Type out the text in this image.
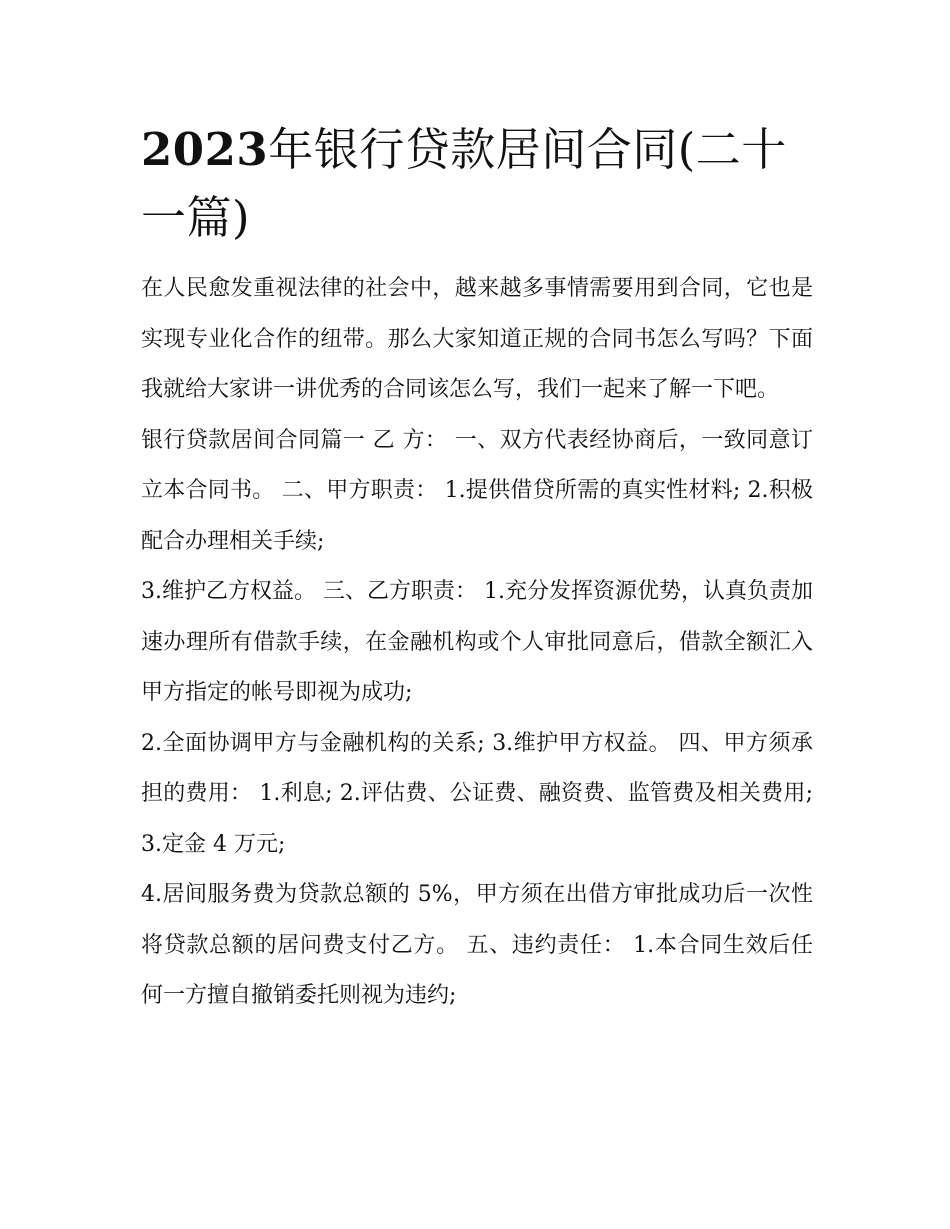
2023年银行贷款居间合同(二十一篇)

在人民愈发重视法律的社会中，越来越多事情需要用到合同，它也是实现专业化合作的纽带。那么大家知道正规的合同书怎么写吗？下面我就给大家讲一讲优秀的合同该怎么写，我们一起来了解一下吧。

银行贷款居间合同篇一 乙 方： 一、双方代表经协商后，一致同意订立本合同书。 二、甲方职责： 1.提供借贷所需的真实性材料; 2.积极配合办理相关手续;

3.维护乙方权益。 三、乙方职责： 1.充分发挥资源优势，认真负责加速办理所有借款手续，在金融机构或个人审批同意后，借款全额汇入甲方指定的帐号即视为成功;

2.全面协调甲方与金融机构的关系; 3.维护甲方权益。 四、甲方须承担的费用： 1.利息; 2.评估费、公证费、融资费、监管费及相关费用; 3.定金 4 万元;

4.居间服务费为贷款总额的 5%，甲方须在出借方审批成功后一次性将贷款总额的居问费支付乙方。 五、违约责任： 1.本合同生效后任何一方擅自撤销委托则视为违约;
